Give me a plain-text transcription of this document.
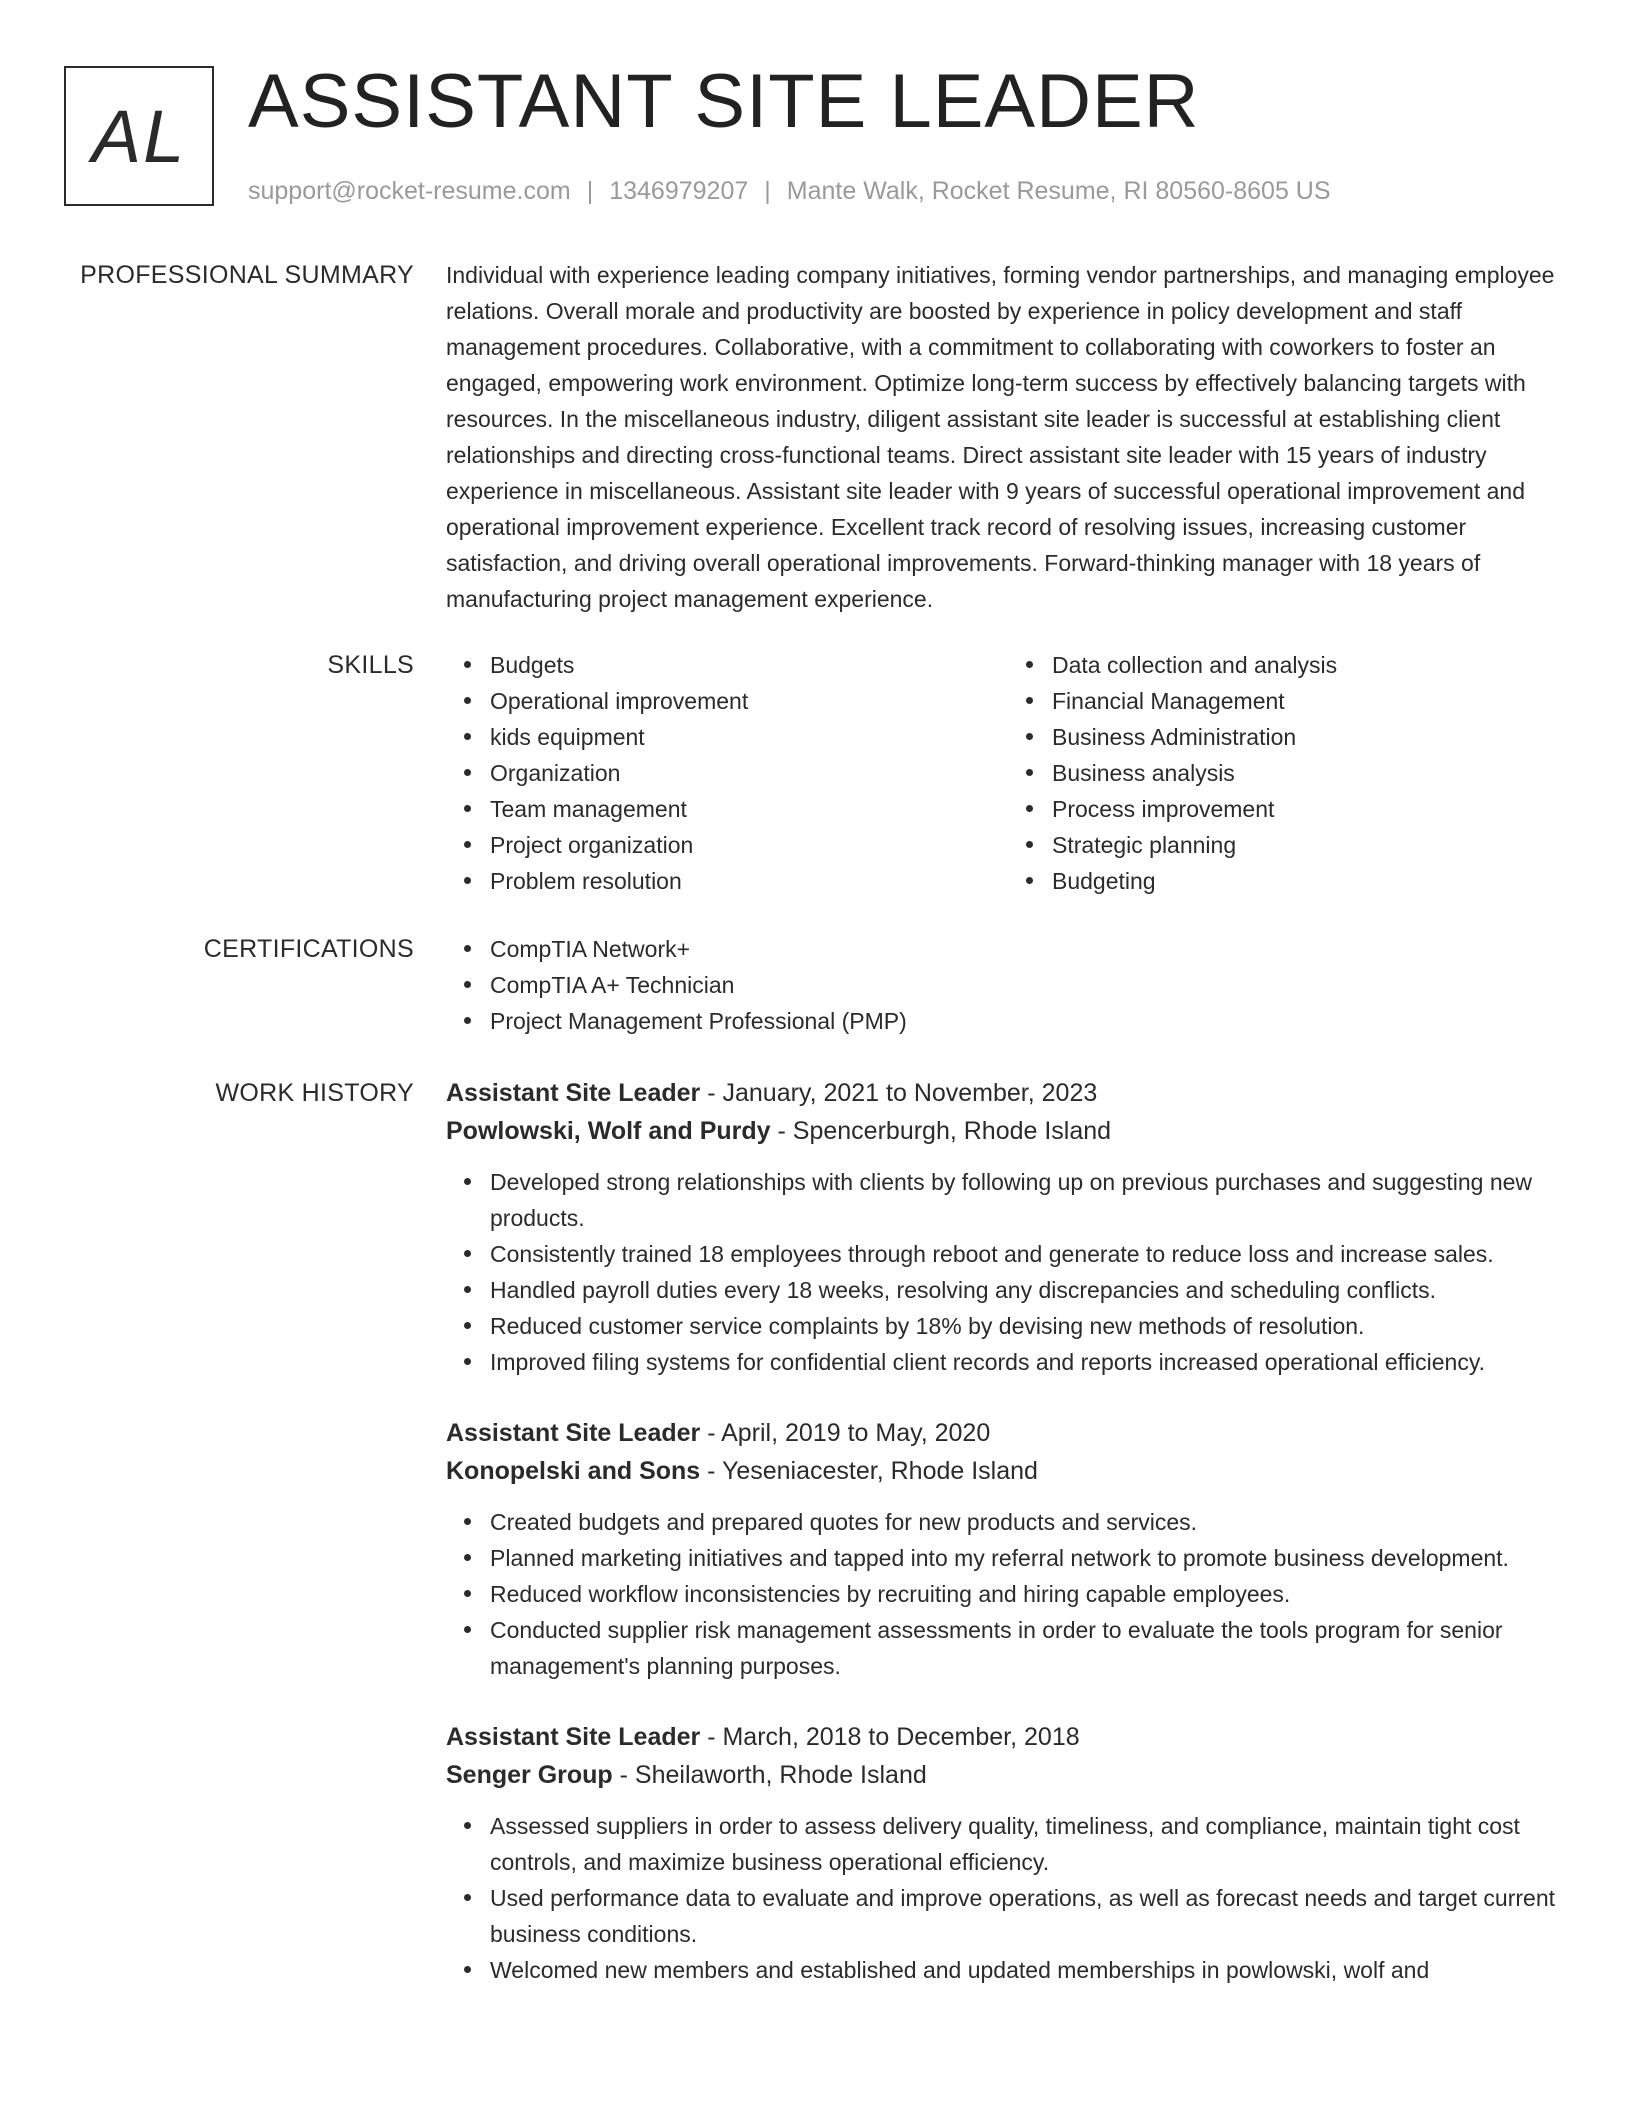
AL ASSISTANT SITE LEADER
support@rocket-resume.com | 1346979207 | Mante Walk, Rocket Resume, RI 80560-8605 US
PROFESSIONAL SUMMARY Individual with experience leading company initiatives, forming vendor partnerships, and managing employee relations. Overall morale and productivity are boosted by experience in policy development and staff management procedures. Collaborative, with a commitment to collaborating with coworkers to foster an engaged, empowering work environment. Optimize long-term success by effectively balancing targets with resources. In the miscellaneous industry, diligent assistant site leader is successful at establishing client relationships and directing cross-functional teams. Direct assistant site leader with 15 years of industry experience in miscellaneous. Assistant site leader with 9 years of successful operational improvement and operational improvement experience. Excellent track record of resolving issues, increasing customer satisfaction, and driving overall operational improvements. Forward-thinking manager with 18 years of manufacturing project management experience.

SKILLS	Budgets
Operational improvement
kids equipment
Organization
Team management
Project organization
Problem resolution
Data collection and analysis
Financial Management
Business Administration
Business analysis
Process improvement
Strategic planning
Budgeting
CERTIFICATIONS	CompTIA Network+
CompTIA A+ Technician
Project Management Professional (PMP)
WORK HISTORY Assistant Site Leader - January, 2021 to November, 2023
Powlowski, Wolf and Purdy - Spencerburgh, Rhode Island
Developed strong relationships with clients by following up on previous purchases and suggesting new products.
Consistently trained 18 employees through reboot and generate to reduce loss and increase sales.
Handled payroll duties every 18 weeks, resolving any discrepancies and scheduling conflicts.
Reduced customer service complaints by 18% by devising new methods of resolution.
Improved filing systems for confidential client records and reports increased operational efficiency.
Assistant Site Leader - April, 2019 to May, 2020
Konopelski and Sons - Yeseniacester, Rhode Island
Created budgets and prepared quotes for new products and services.
Planned marketing initiatives and tapped into my referral network to promote business development.
Reduced workflow inconsistencies by recruiting and hiring capable employees.
Conducted supplier risk management assessments in order to evaluate the tools program for senior management's planning purposes.
Assistant Site Leader - March, 2018 to December, 2018
Senger Group - Sheilaworth, Rhode Island
Assessed suppliers in order to assess delivery quality, timeliness, and compliance, maintain tight cost controls, and maximize business operational efficiency.
Used performance data to evaluate and improve operations, as well as forecast needs and target current business conditions.
Welcomed new members and established and updated memberships in powlowski, wolf and
